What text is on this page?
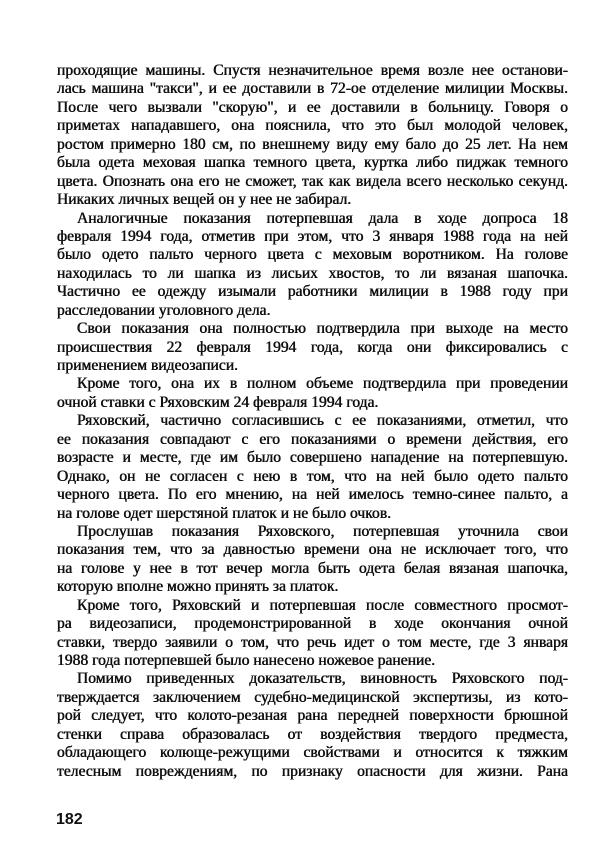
проходящие машины. Спустя незначительное время возле нее останови-
лась машина "такси", и ее доставили в 72-ое отделение милиции Москвы.
После чего вызвали "скорую", и ее доставили в больницу. Говоря о
приметах нападавшего, она пояснила, что это был молодой человек,
ростом примерно 180 см, по внешнему виду ему бало до 25 лет. На нем
была одета меховая шапка темного цвета, куртка либо пиджак темного
цвета. Опознать она его не сможет, так как видела всего несколько секунд.
Никаких личных вещей он у нее не забирал.
Аналогичные показания потерпевшая дала в ходе допроса 18
февраля 1994 года, отметив при этом, что 3 января 1988 года на ней
было одето пальто черного цвета с меховым воротником. На голове
находилась то ли шапка из лисьих хвостов, то ли вязаная шапочка.
Частично ее одежду изымали работники милиции в 1988 году при
расследовании уголовного дела.
Свои показания она полностью подтвердила при выходе на место
происшествия 22 февраля 1994 года, когда они фиксировались с
применением видеозаписи.
Кроме того, она их в полном объеме подтвердила при проведении
очной ставки с Ряховским 24 февраля 1994 года.
Ряховский, частично согласившись с ее показаниями, отметил, что
ее показания совпадают с его показаниями о времени действия, его
возрасте и месте, где им было совершено нападение на потерпевшую.
Однако, он не согласен с нею в том, что на ней было одето пальто
черного цвета. По его мнению, на ней имелось темно-синее пальто, а
на голове одет шерстяной платок и не было очков.
Прослушав показания Ряховского, потерпевшая уточнила свои
показания тем, что за давностью времени она не исключает того, что
на голове у нее в тот вечер могла быть одета белая вязаная шапочка,
которую вполне можно принять за платок.
Кроме того, Ряховский и потерпевшая после совместного просмот-
ра видеозаписи, продемонстрированной в ходе окончания очной
ставки, твердо заявили о том, что речь идет о том месте, где 3 января
1988 года потерпевшей было нанесено ножевое ранение.
Помимо приведенных доказательств, виновность Ряховского под-
тверждается заключением судебно-медицинской экспертизы, из кото-
рой следует, что колото-резаная рана передней поверхности брюшной
стенки справа образовалась от воздействия твердого предместа,
обладающего колюще-режущими свойствами и относится к тяжким
телесным повреждениям, по признаку опасности для жизни. Рана
182
